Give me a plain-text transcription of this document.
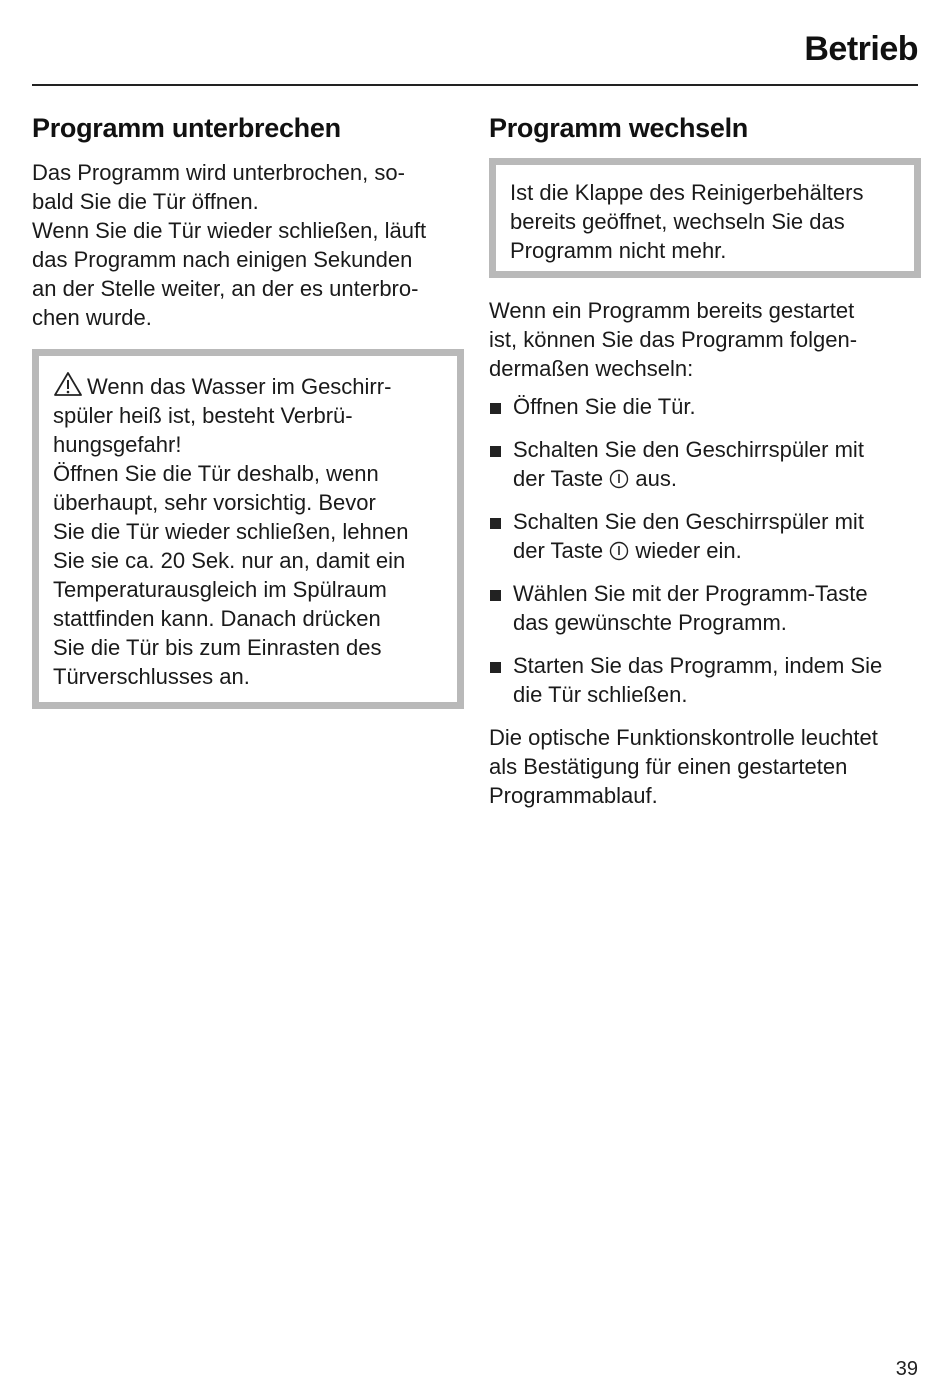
Betrieb
Programm unterbrechen

Das Programm wird unterbrochen, so-
bald Sie die Tür öffnen.
Wenn Sie die Tür wieder schließen, läuft
das Programm nach einigen Sekunden
an der Stelle weiter, an der es unterbro-
chen wurde.

Wenn das Wasser im Geschirr-
spüler heiß ist, besteht Verbrü-
hungsgefahr!
Öffnen Sie die Tür deshalb, wenn
überhaupt, sehr vorsichtig. Bevor
Sie die Tür wieder schließen, lehnen
Sie sie ca. 20 Sek. nur an, damit ein
Temperaturausgleich im Spülraum
stattfinden kann. Danach drücken
Sie die Tür bis zum Einrasten des
Türverschlusses an.
Programm wechseln
Ist die Klappe des Reinigerbehälters
bereits geöffnet, wechseln Sie das
Programm nicht mehr.

Wenn ein Programm bereits gestartet
ist, können Sie das Programm folgen-
dermaßen wechseln:

Öffnen Sie die Tür.
Schalten Sie den Geschirrspüler mit
der Taste aus.
Schalten Sie den Geschirrspüler mit
der Taste wieder ein.
Wählen Sie mit der Programm-Taste
das gewünschte Programm.
Starten Sie das Programm, indem Sie
die Tür schließen.

Die optische Funktionskontrolle leuchtet
als Bestätigung für einen gestarteten
Programmablauf.

39
